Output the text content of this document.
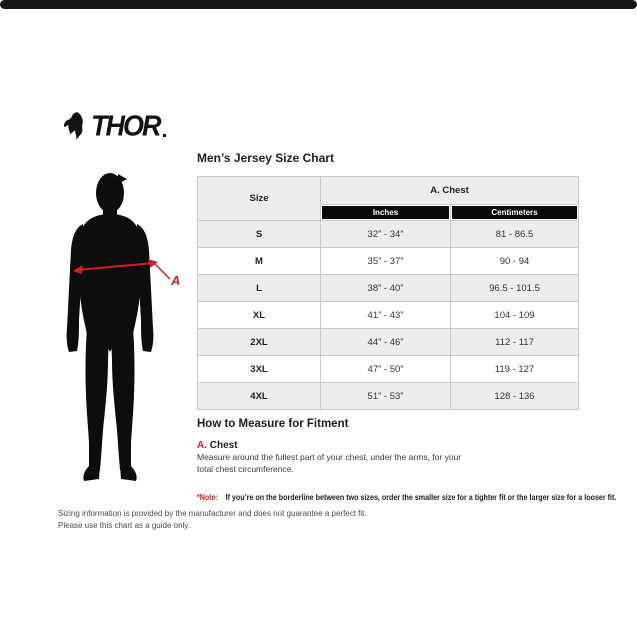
THOR
A
Men’s Jersey Size Chart
Size	A. Chest	

	Inches	Centimeters

S	32” - 34”	81 - 86.5
M	35” - 37”	90 - 94
L	38” - 40”	96.5 - 101.5
XL	41” - 43”	104 - 109
2XL	44” - 46”	112 - 117
3XL	47” - 50”	119 - 127
4XL	51” - 53”	128 - 136
How to Measure for Fitment
A. Chest
Measure around the fullest part of your chest, under the arms, for your total chest circumference.
*Note: If you’re on the borderline between two sizes, order the smaller size for a tighter fit or the larger size for a looser fit.
Sizing information is provided by the manufacturer and does not guarantee a perfect fit.
Please use this chart as a guide only.
